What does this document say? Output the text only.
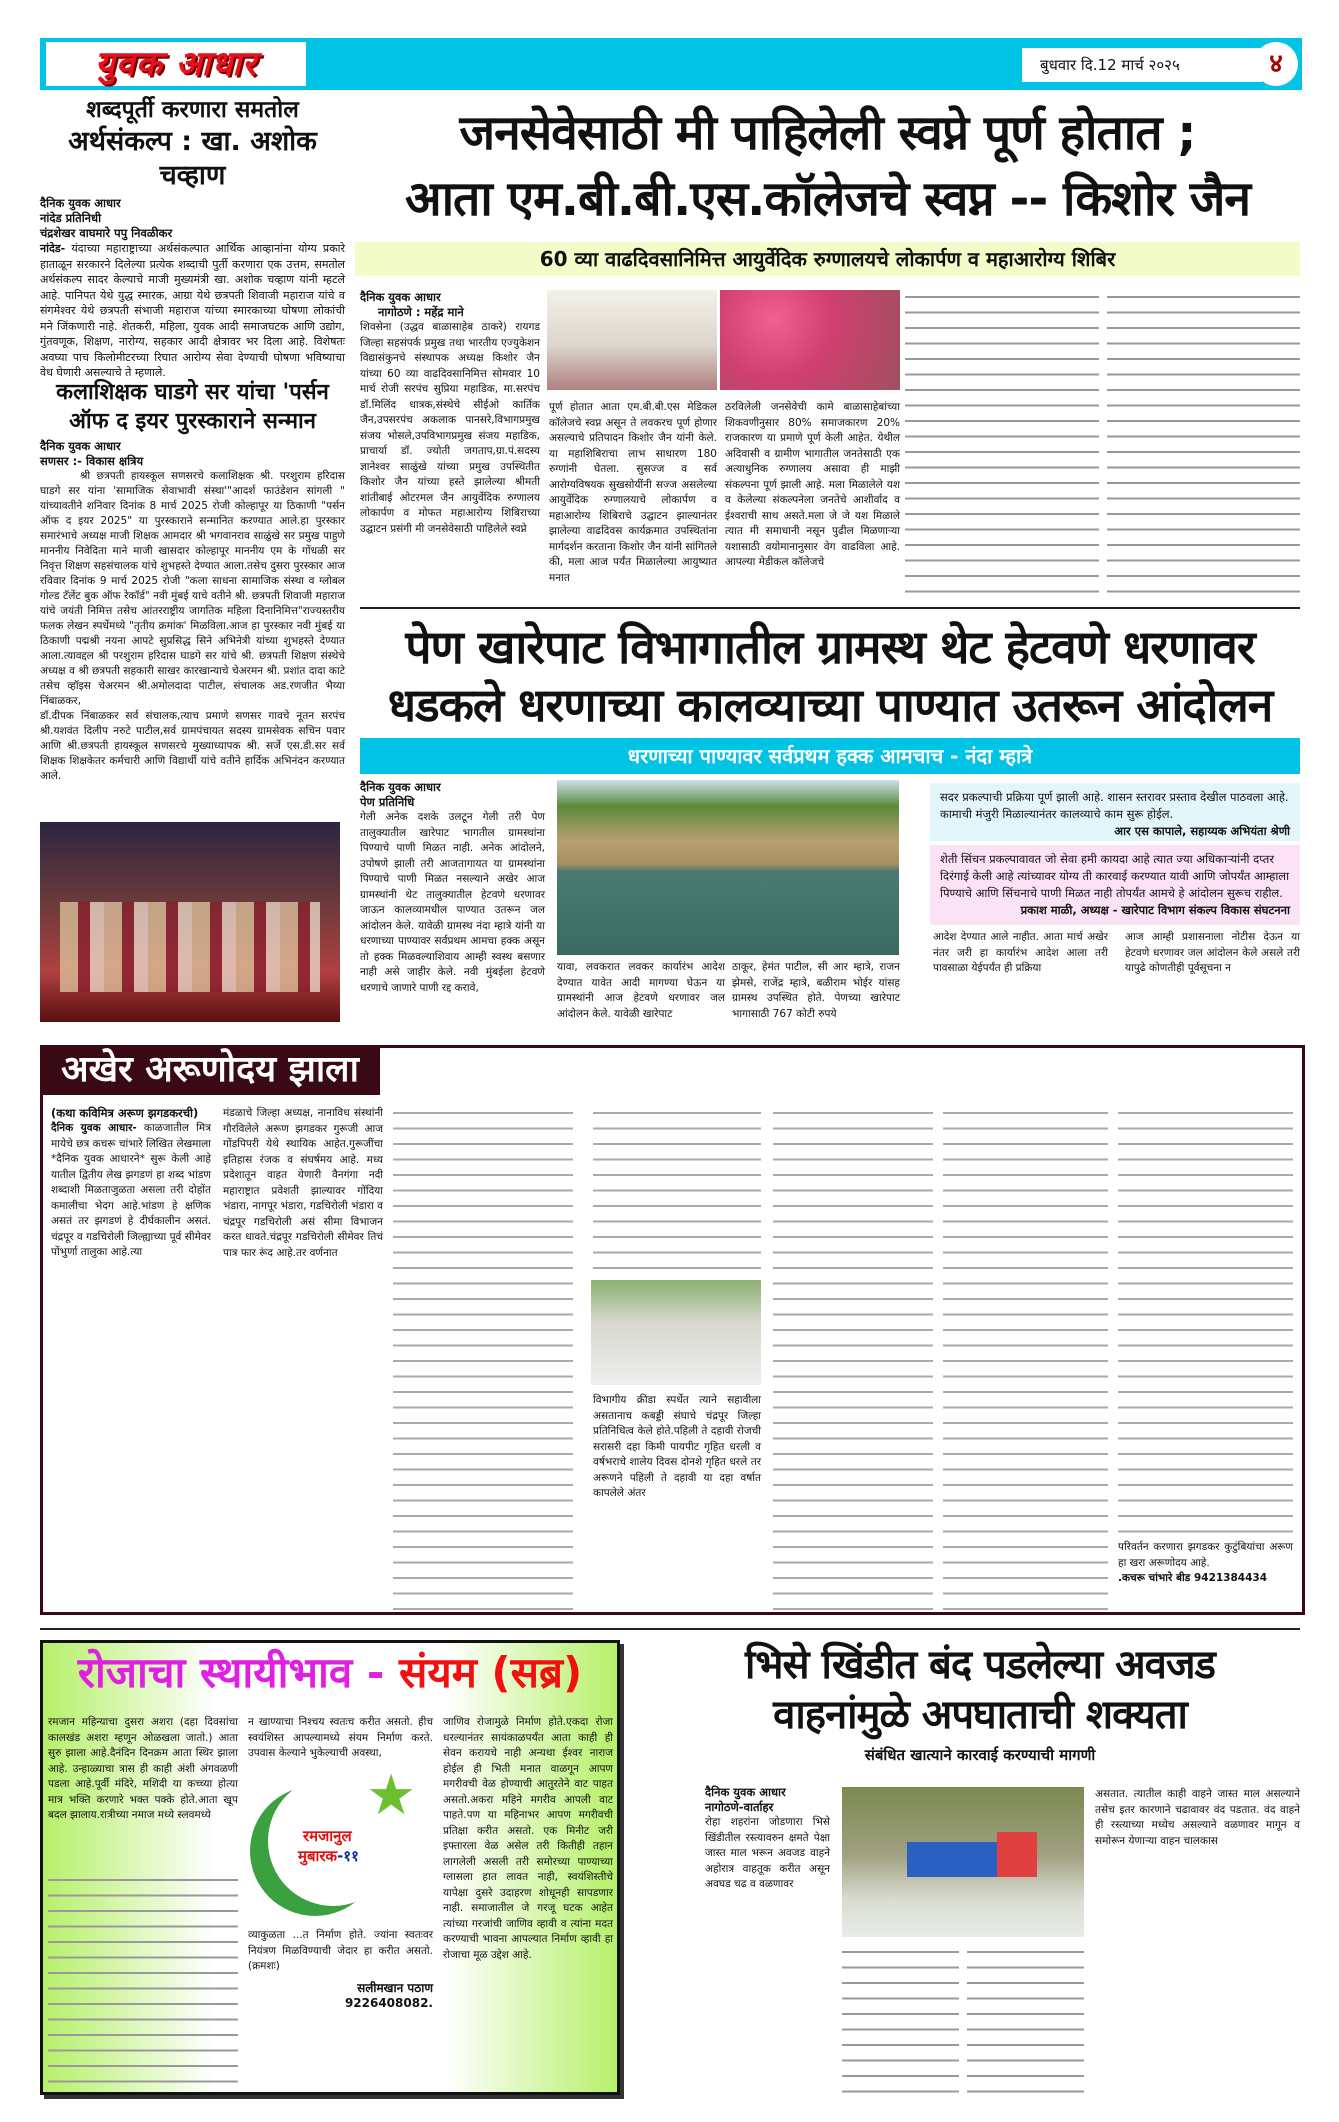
युवक आधार	बुधवार दि.12 मार्च २०२५	४
शब्दपूर्ती करणारा समतोल
अर्थसंकल्प : खा. अशोक चव्हाण
दैनिक युवक आधार
नांदेड प्रतिनिधी
चंद्रशेखर वाघमारे पपु निवळीकर

नांदेड- यंदाच्या महाराष्ट्राच्या अर्थसंकल्पात आर्थिक आव्हानांना योग्य प्रकारे हाताळून सरकारने दिलेल्या प्रत्येक शब्दाची पुर्ती करणारा एक उत्तम, समतोल अर्थसंकल्प सादर केल्याचे माजी मुख्यमंत्री खा. अशोक चव्हाण यांनी म्हटले आहे. पानिपत येथे युद्ध स्मारक, आग्रा येथे छत्रपती शिवाजी महाराज यांचे व संगमेश्वर येथे छत्रपती संभाजी महाराज यांच्या स्मारकाच्या घोषणा लोकांची मने जिंकणारी नाहे. शेतकरी, महिला, युवक आदी समाजघटक आणि उद्योग, गुंतवणूक, शिक्षण, नारोग्य, सहकार आदी क्षेत्रावर भर दिला आहे. विशेषतः अवघ्या पाच किलोमीटरच्या रिघात आरोग्य सेवा देण्याची घोषणा भविष्याचा वेध घेणारी असल्याचे ते म्हणाले.

कलाशिक्षक घाडगे सर यांचा 'पर्सन ऑफ द इयर पुरस्काराने सन्मान
दैनिक युवक आधार
सणसर :- विकास क्षत्रिय

श्री छत्रपती हायस्कूल सणसरचे कलाशिक्षक श्री. परशुराम हरिदास घाडगे सर यांना 'सामाजिक सेवाभावी संस्था'"आदर्श फाउंडेशन सांगली " यांच्यावतीने शनिवार दिनांक 8 मार्च 2025 रोजी कोल्हापूर या ठिकाणी "पर्सन ऑफ द इयर 2025" या पुरस्काराने सन्मानित करण्यात आले.हा पुरस्कार समारंभाचे अध्यक्ष माजी शिक्षक आमदार श्री भगवानराव साळुंखे सर प्रमुख पाहुणे माननीय निवेदिता माने माजी खासदार कोल्हापूर माननीय एम के गोंधळी सर निवृत्त शिक्षण सहसंचालक यांचे शुभहस्ते देण्यात आला.तसेच दुसरा पुरस्कार आज रविवार दिनांक 9 मार्च 2025 रोजी "कला साधना सामाजिक संस्था व ग्लोबल गोल्ड टॅलेंट बुक ऑफ रेकॉर्ड" नवी मुंबई याचे वतीने श्री. छत्रपती शिवाजी महाराज यांचे जयंती निमित्त तसेच आंतरराष्ट्रीय जागतिक महिला दिनानिमित्त"राज्यस्तरीय फलक लेखन स्पर्धेमध्ये "तृतीय क्रमांक' मिळविला.आज हा पुरस्कार नवी मुंबई या ठिकाणी पद्मश्री नयना आपटे सुप्रसिद्ध सिने अभिनेत्री यांच्या शुभहस्ते देण्यात आला.त्यावद्दल श्री परशुराम हरिदास घाडगे सर यांचे श्री. छत्रपती शिक्षण संस्थेचे अध्यक्ष व श्री छत्रपती सहकारी साखर कारखान्याचे चेअरमन श्री. प्रशांत दादा काटे तसेच व्हॉइस चेअरमन श्री.अमोलदादा पाटील, संचालक अड.रणजीत भैय्या निंबाळकर,

डॉ.दीपक निंबाळकर सर्व संचालक,त्याच प्रमाणे सणसर गावचे नूतन सरपंच श्री.यशवंत दिलीप नरुटे पाटील,सर्व ग्रामपंचायत सदस्य ग्रामसेवक सचिन पवार आणि श्री.छत्रपती हायस्कूल सणसरचे मुख्याध्यापक श्री. सर्जे एस.डी.सर सर्व शिक्षक शिक्षकेतर कर्मचारी आणि विद्यार्थी यांचे वतीने हार्दिक अभिनंदन करण्यात आले.

जनसेवेसाठी मी पाहिलेली स्वप्ने पूर्ण होतात ;
आता एम.बी.बी.एस.कॉलेजचे स्वप्न -- किशोर जैन
60 व्या वाढदिवसानिमित्त आयुर्वेदिक रुग्णालयचे लोकार्पण व महाआरोग्य शिबिर
दैनिक युवक आधार
नागोठणे : महेंद्र माने

शिवसेना (उद्धव बाळासाहेब ठाकरे) रायगड जिल्हा सहसंपर्क प्रमुख तथा भारतीय एज्युकेशन विद्यासंकुनचे संस्थापक अध्यक्ष किशोर जैन यांच्या 60 व्या वाढदिवसानिमित्त सोमवार 10 मार्च रोजी सरपंच सुप्रिया महाडिक, मा.सरपंच डॉ.मिलिंद धात्रक,संस्थेचे सीईओ कार्तिक जैन,उपसरपंच अकलाक पानसरे,विभागप्रमुख संजय भोसले,उपविभागप्रमुख संजय महाडिक, प्राचार्या डॉ. ज्योती जगताप,ग्रा.पं.सदस्य ज्ञानेश्वर साळुंखे यांच्या प्रमुख उपस्थितीत किशोर जैन यांच्या हस्ते झालेल्या श्रीमती शांतीबाई ओटरमल जैन आयुर्वेदिक रुग्णालय लोकार्पण व मोफत महाआरोग्य शिबिराच्या उद्घाटन प्रसंगी मी जनसेवेसाठी पाहिलेले स्वप्ने

पूर्ण होतात आता एम.बी.बी.एस मेडिकल कॉलेजचे स्वप्न असून ते लवकरच पूर्ण होणार असल्याचे प्रतिपादन किशोर जैन यांनी केले. या महाशिबिराचा लाभ साधारण 180 रुग्णांनी घेतला. सुसज्ज व सर्व आरोग्यविषयक सुखसोयींनी सज्ज असलेल्या आयुर्वेदिक रुग्णालयाचे लोकार्पण व महाआरोग्य शिबिराचे उद्घाटन झाल्यानंतर झालेल्या वाढदिवस कार्यक्रमात उपस्थितांना मार्गदर्शन करताना किशोर जैन यांनी सांगितले की, मला आज पर्यंत मिळालेल्या आयुष्यात मनात

ठरविलेली जनसेवेची कामे बाळासाहेबांच्या शिकवणीनुसार 80% समाजकारण 20% राजकारण या प्रमाणे पूर्ण केली आहेत. येथील अदिवासी व ग्रामीण भागातील जनतेसाठी एक अत्याधुनिक रुग्णालय असावा ही माझी संकल्पना पूर्ण झाली आहे. मला मिळालेले यश व केलेल्या संकल्पनेला जनतेचे आशीर्वाद व ईश्वराची साथ असते.मला जे जे यश मिळाले त्यात मी समाधानी नसून पुढील मिळणाऱ्या यशासाठी वयोमानानुसार वेग वाढविला आहे. आपल्या मेडीकल कॉलेजचे

पेण खारेपाट विभागातील ग्रामस्थ थेट हेटवणे धरणावर
धडकले धरणाच्या कालव्याच्या पाण्यात उतरून आंदोलन
धरणाच्या पाण्यावर सर्वप्रथम हक्क आमचाच - नंदा म्हात्रे
दैनिक युवक आधार
पेण प्रतिनिधि

गेली अनेक दशके उलटून गेली तरी पेण तालुक्यातील खारेपाट भागतील ग्रामस्थांना पिण्याचे पाणी मिळत नाही. अनेक आंदोलने, उपोषणे झाली तरी आजतागायत या ग्रामस्थांना पिण्याचे पाणी मिळत नसल्याने अखेर आज ग्रामस्थांनी थेट तालुक्यातील हेटवणे धरणावर जाऊन कालव्यामधील पाण्यात उतरून जल आंदोलन केले. यावेळी ग्रामस्थ नंदा म्हात्रे यांनी या धरणाच्या पाण्यावर सर्वप्रथम आमचा हक्क असून तो हक्क मिळवल्याशिवाय आम्ही स्वस्थ बसणार नाही असे जाहीर केले. नवी मुंबईला हेटवणे धरणाचे जाणारे पाणी रद्द करावे,

यावा, लवकरात लवकर कार्यारंभ आदेश देण्यात यावेत आदी मागण्या घेऊन या ग्रामस्थांनी आज हेटवणे धरणावर जल आंदोलन केले. यावेळी खारेपाट

ठाकूर, हेमंत पाटील, सी आर म्हात्रे, राजन झेमसे, राजेंद्र म्हात्रे, बळीराम भोईर यांसह ग्रामस्थ उपस्थित होते. पेणच्या खारेपाट भागासाठी 767 कोटी रुपये

सदर प्रकल्पाची प्रक्रिया पूर्ण झाली आहे. शासन स्तरावर प्रस्ताव देखील पाठवला आहे. कामाची मंजुरी मिळाल्यानंतर कालव्याचे काम सुरू होईल.
आर एस कापाले, सहाय्यक अभियंता श्रेणी
शेती सिंचन प्रकल्पावावत जो सेवा हमी कायदा आहे त्यात ज्या अधिकाऱ्यांनी दप्तर दिरंगाई केली आहे त्यांच्यावर योग्य ती कारवाई करण्यात यावी आणि जोपर्यंत आम्हाला पिण्याचे आणि सिंचनाचे पाणी मिळत नाही तोपर्यंत आमचे हे आंदोलन सुरूच राहील.
प्रकाश माळी, अध्यक्ष - खारेपाट विभाग संकल्प विकास संघटनना

आदेश देण्यात आले नाहीत. आता मार्च अखेर नंतर जरी हा कार्यारंभ आदेश आला तरी पावसाळा येईपर्यंत ही प्रक्रिया

आज आम्ही प्रशासनाला नोटीस देऊन या हेटवणे धरणावर जल आंदोलन केले असले तरी यापुढे कोणतीही पूर्वसूचना न

अखेर अरूणोदय झाला
(कथा कविमित्र अरूण झगडकरची)

दैनिक युवक आधार- काळजातील मित्र मायेचे छत्र कचरू चांभारे लिखित लेखमाला *दैनिक युवक आधारने* सुरू केली आहे यातील द्वितीय लेख झगडणं हा शब्द भांडण शब्दाशी मिळताजुळता असला तरी दोहोंत कमालीचा भेदग आहे.भांडण हे क्षणिक असतं तर झगडणं हे दीर्घकालीन असतं. चंद्रपूर व गडचिरोली जिल्ह्याच्या पूर्व सीमेवर पोंभुर्णा तालुका आहे.त्या

मंडळाचे जिल्हा अध्यक्ष, नानाविध संस्थांनी गौरविलेले अरूण झगडकर गुरूजी आज गोंडपिपरी येथे स्थायिक आहेत.गुरूजींचा इतिहास रंजक व संघर्षमय आहे. मध्य प्रदेशातून वाहत येणारी वैनगंगा नदी महाराष्ट्रात प्रवेशती झाल्यावर गोंदिया भंडारा, नागपूर भंडारा, गडचिरोली भंडारा व चंद्रपूर गडचिरोली असं सीमा विभाजन करत धावते.चंद्रपूर गडचिरोली सीमेवर तिचं पात्र फार रूंद आहे.तर वर्णनात

विभागीय क्रीडा स्पर्धेत त्याने सहावीला असतानाच कबड्डी संघाचे चंद्रपूर जिल्हा प्रतिनिधित्व केले होते.पहिली ते दहावी रोजची सरासरी दहा किमी पायपीट गृहित धरली व वर्षभराचे शालेय दिवस दोनशे गृहित धरले तर अरूणने पहिली ते दहावी या दहा वर्षात कापलेले अंतर

परिवर्तन करणारा झगडकर कुटुंबियांचा अरूण हा खरा अरूणोदय आहे.

.कचरू चांभारे बीड 9421384434
रोजाचा स्थायीभाव - संयम (सब्र)

रमजान महिन्याचा दुसरा अशरा (दहा दिवसांचा कालखंड अशरा म्हणून ओळखला जातो.) आता सुरु झाला आहे.दैनंदिन दिनक्रम आता स्थिर झाला आहे. उन्हाळ्याचा त्रास ही काही अंशी अंगवळणी पडला आहे.पूर्वी मंदिरे, मशिदी या कच्च्या होत्या मात्र भक्ति करणारे भक्त पक्के होते.आता खूप बदल झालाय.रात्रीच्या नमाज मध्ये स्लवमध्ये

न खाण्याचा निश्चय स्वतःच करीत असतो. हीच स्वयंशिस्त आपल्यामध्ये संयम निर्माण करते. उपवास केल्याने भुकेल्याची अवस्था,

★
रमजानुल
मुबारक-११

व्याकुळता ...त निर्माण होते. ज्यांना स्वतःवर नियंत्रण मिळविण्याची जेदार हा करीत असतो.(क्रमशः)

सलीमखान पठाण
9226408082.

जाणिव रोजामुळे निर्माण होते.एकदा रोजा धरल्यानंतर सायंकाळपर्यंत आता काही ही सेवन करायचे नाही अन्यथा ईश्वर नाराज होईल ही भिती मनात वाळगून आपण मगरीवची वेळ होण्याची आतुरतेने वाट पाहत असतो.अकरा महिने मगरीव आपली वाट पाहते.पण या महिनाभर आपण मगरीवची प्रतिक्षा करीत असतो. एक मिनीट जरी इफ्तारला वेळ असेल तरी कितीही तहान लागलेली असली तरी समोरच्या पाण्याच्या ग्लासला हात लावत नाही, स्वयंशिस्तीचे यापेक्षा दुसरे उदाहरण शोधूनही सापडणार नाही. समाजातील जे गरजू घटक आहेत त्यांच्या गरजांची जाणिव व्हावी व त्यांना मदत करण्याची भावना आपल्यात निर्माण व्हावी हा रोजाचा मूळ उद्देश आहे.

भिसे खिंडीत बंद पडलेल्या अवजड
वाहनांमुळे अपघाताची शक्यता
संबंधित खात्याने कारवाई करण्याची मागणी
दैनिक युवक आधार
नागोठणे-वार्ताहर

रोहा शहरांना जोडणारा भिसे खिंडीतील रस्त्यावरुन क्षमते पेक्षा जास्त माल भरून अवजड वाहने अहोरात्र वाहतूक करीत असून अवघड चढ व वळणावर

असतात. त्यातील काही वाहने जास्त माल असल्याने तसेच इतर कारणाने चढावावर वंद पडतात. वंद वाहने ही रस्त्याच्या मध्येच असल्याने वळणावर मागून व समोरून येणाऱ्या वाहन चालकास
